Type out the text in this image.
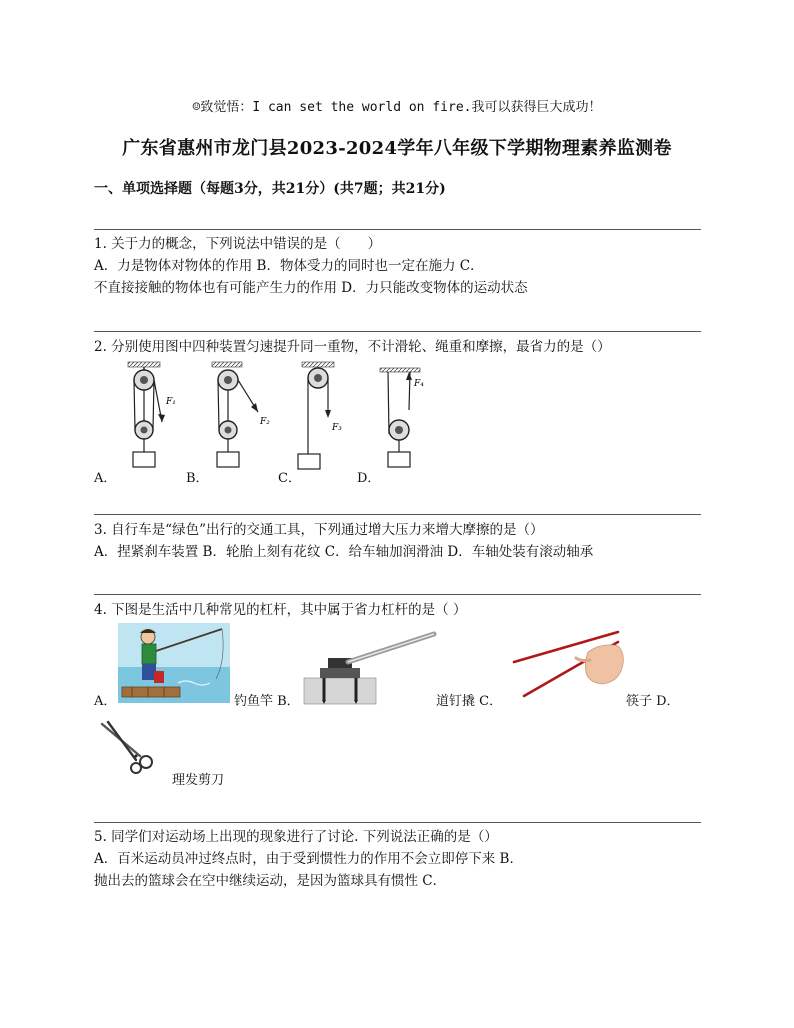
☺致觉悟：I can set the world on fire.我可以获得巨大成功！
广东省惠州市龙门县2023-2024学年八年级下学期物理素养监测卷
一、单项选择题（每题3分，共21分）(共7题；共21分)

1. 关于力的概念，下列说法中错误的是（　　）

A．力是物体对物体的作用 B．物体受力的同时也一定在施力 C．

不直接接触的物体也有可能产生力的作用 D．力只能改变物体的运动状态

2. 分别使用图中四种装置匀速提升同一重物，不计滑轮、绳重和摩擦，最省力的是（）

F₁
F₂
F₃
F₄
A．	B．	C．	D．

3. 自行车是“绿色”出行的交通工具，下列通过增大压力来增大摩擦的是（）

A．捏紧刹车装置 B．轮胎上刻有花纹 C．给车轴加润滑油 D．车轴处装有滚动轴承

4. 下图是生活中几种常见的杠杆，其中属于省力杠杆的是（ ）

A．	钓鱼竿 B．	道钉撬 C．	筷子 D．
理发剪刀

5. 同学们对运动场上出现的现象进行了讨论. 下列说法正确的是（）

A．百米运动员冲过终点时，由于受到惯性力的作用不会立即停下来 B．

抛出去的篮球会在空中继续运动，是因为篮球具有惯性 C．
